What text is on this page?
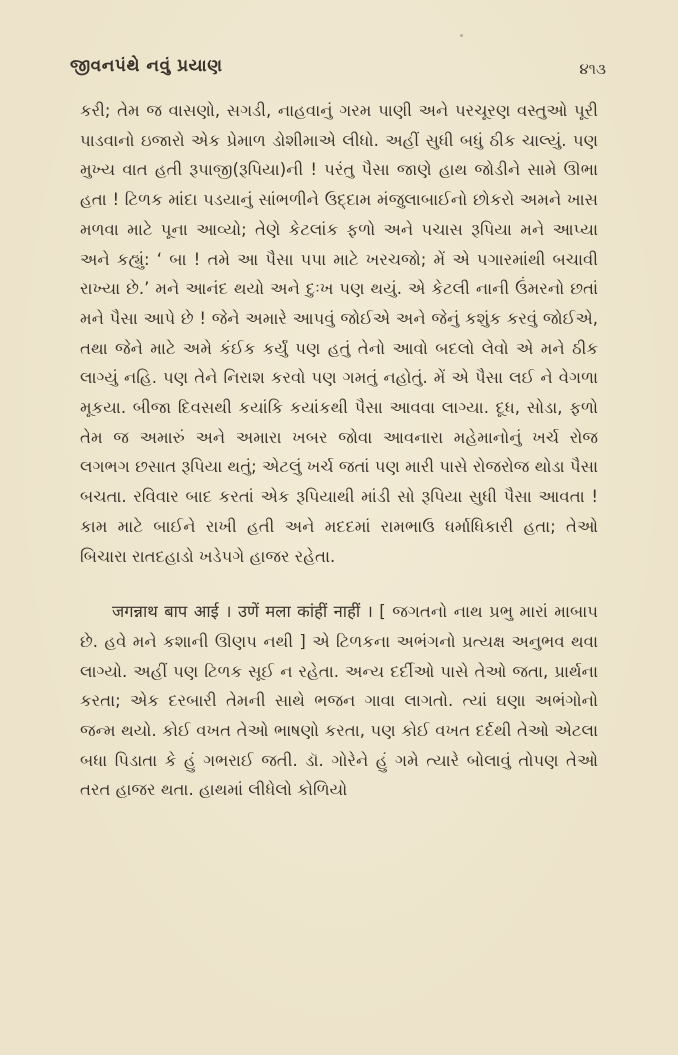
જીવનપંથે નવું પ્રયાણ	૪૧૩

કરી; તેમ જ વાસણો, સગડી, નાહવાનું ગરમ પાણી અને પરચૂરણ વસ્તુઓ પૂરી પાડવાનો ઇજારો એક પ્રેમાળ ડોશીમાએ લીધો. અહીં સુધી બધું ઠીક ચાલ્યું. પણ મુખ્ય વાત હતી રૂપાજી(રૂપિયા)ની ! પરંતુ પૈસા જાણે હાથ જોડીને સામે ઊભા હતા ! ટિળક માંદા પડયાનું સાંભળીને ઉદ્દામ મંજુલાબાઈનો છોકરો અમને ખાસ મળવા માટે પૂના આવ્યો; તેણે કેટલાંક ફળો અને પચાસ રૂપિયા મને આપ્યા અને કહ્યું: ‘ બા ! તમે આ પૈસા પપા માટે ખરચજો; મેં એ પગારમાંથી બચાવી રાખ્યા છે.’ મને આનંદ થયો અને દુઃખ પણ થયું. એ કેટલી નાની ઉંમરનો છતાં મને પૈસા આપે છે ! જેને અમારે આપવું જોઈએ અને જેનું કશુંક કરવું જોઈએ, તથા જેને માટે અમે કંઈક કર્યું પણ હતું તેનો આવો બદલો લેવો એ મને ઠીક લાગ્યું નહિ. પણ તેને નિરાશ કરવો પણ ગમતું નહોતું. મેં એ પૈસા લઈ ને વેગળા મૂકયા. બીજા દિવસથી કયાંકિ કયાંકથી પૈસા આવવા લાગ્યા. દૂધ, સોડા, ફળો તેમ જ અમારું અને અમારા ખબર જોવા આવનારા મહેમાનોનું ખર્ચ રોજ લગભગ છસાત રૂપિયા થતું; એટલું ખર્ચ જતાં પણ મારી પાસે રોજરોજ થોડા પૈસા બચતા. રવિવાર બાદ કરતાં એક રૂપિયાથી માંડી સો રૂપિયા સુધી પૈસા આવતા ! કામ માટે બાઈને રાખી હતી અને મદદમાં રામભાઉ ધર્માધિકારી હતા; તેઓ બિચારા રાતદહાડો ખડેપગે હાજર રહેતા.

जगन्नाथ बाप आई । उणें मला कांहीं नाहीं । [ જગતનો નાથ પ્રભુ મારાં માબાપ છે. હવે મને કશાની ઊણપ નથી ] એ ટિળકના અભંગનો પ્રત્યક્ષ અનુભવ થવા લાગ્યો. અહીં પણ ટિળક સૂઈ ન રહેતા. અન્ય દર્દીઓ પાસે તેઓ જતા, પ્રાર્થના કરતા; એક દરબારી તેમની સાથે ભજન ગાવા લાગતો. ત્યાં ઘણા અભંગોનો જન્મ થયો. કોઈ વખત તેઓ ભાષણો કરતા, પણ કોઈ વખત દર્દથી તેઓ એટલા બધા પિડાતા કે હું ગભરાઈ જતી. ડૉ. ગોરેને હું ગમે ત્યારે બોલાવું તોપણ તેઓ તરત હાજર થતા. હાથમાં લીધેલો કોળિયો
